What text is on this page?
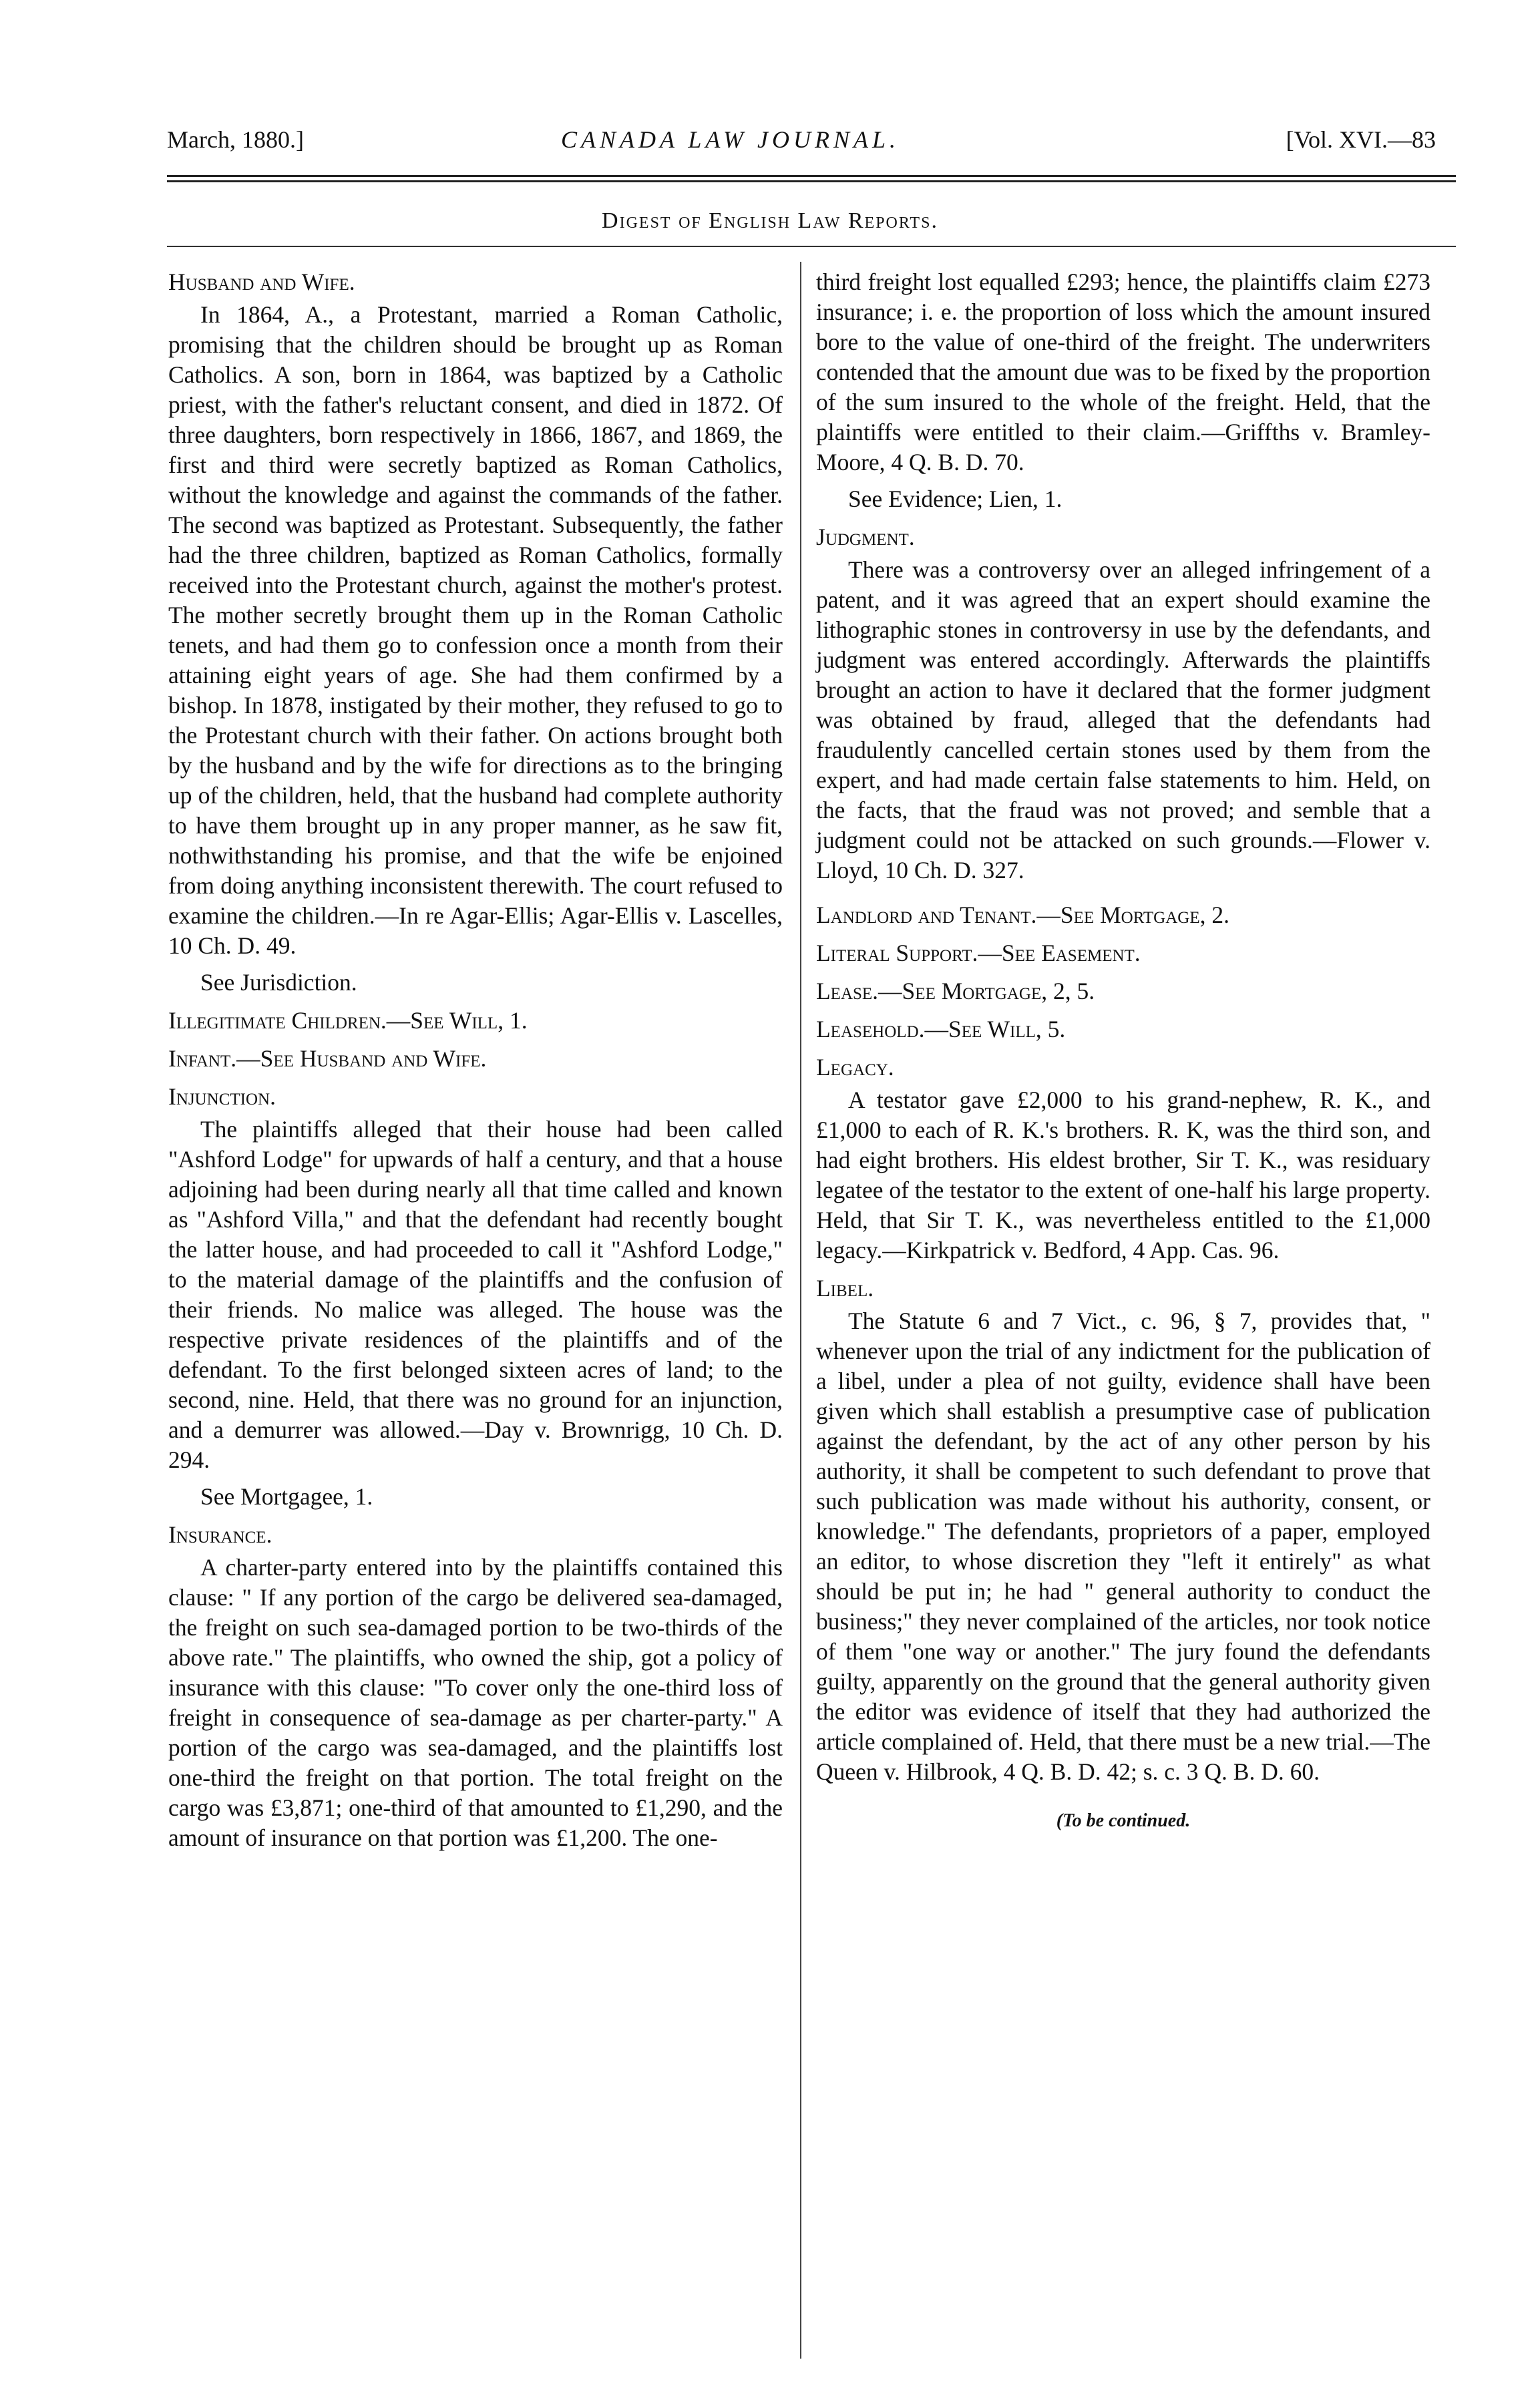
March, 1880.]	CANADA LAW JOURNAL.	[Vol. XVI.—83
Digest of English Law Reports.
Husband and Wife.

In 1864, A., a Protestant, married a Roman Catholic, promising that the children should be brought up as Roman Catholics. A son, born in 1864, was baptized by a Catholic priest, with the father's reluctant consent, and died in 1872. Of three daughters, born respectively in 1866, 1867, and 1869, the first and third were secretly baptized as Roman Catholics, without the knowledge and against the commands of the father. The second was baptized as Protestant. Subsequently, the father had the three children, baptized as Roman Catholics, formally received into the Protestant church, against the mother's protest. The mother secretly brought them up in the Roman Catholic tenets, and had them go to confession once a month from their attaining eight years of age. She had them confirmed by a bishop. In 1878, instigated by their mother, they refused to go to the Protestant church with their father. On actions brought both by the husband and by the wife for directions as to the bringing up of the children, held, that the husband had complete authority to have them brought up in any proper manner, as he saw fit, nothwithstanding his promise, and that the wife be enjoined from doing anything inconsistent therewith. The court refused to examine the children.—In re Agar-Ellis; Agar-Ellis v. Lascelles, 10 Ch. D. 49.

See Jurisdiction.
Illegitimate Children.—See Will, 1.
Infant.—See Husband and Wife.
Injunction.

The plaintiffs alleged that their house had been called "Ashford Lodge" for upwards of half a century, and that a house adjoining had been during nearly all that time called and known as "Ashford Villa," and that the defendant had recently bought the latter house, and had proceeded to call it "Ashford Lodge," to the material damage of the plaintiffs and the confusion of their friends. No malice was alleged. The house was the respective private residences of the plaintiffs and of the defendant. To the first belonged sixteen acres of land; to the second, nine. Held, that there was no ground for an injunction, and a demurrer was allowed.—Day v. Brownrigg, 10 Ch. D. 294.

See Mortgagee, 1.
Insurance.

A charter-party entered into by the plaintiffs contained this clause: " If any portion of the cargo be delivered sea-damaged, the freight on such sea-damaged portion to be two-thirds of the above rate." The plaintiffs, who owned the ship, got a policy of insurance with this clause: "To cover only the one-third loss of freight in consequence of sea-damage as per charter-party." A portion of the cargo was sea-damaged, and the plaintiffs lost one-third the freight on that portion. The total freight on the cargo was £3,871; one-third of that amounted to £1,290, and the amount of insurance on that portion was £1,200. The one-

third freight lost equalled £293; hence, the plaintiffs claim £273 insurance; i. e. the proportion of loss which the amount insured bore to the value of one-third of the freight. The underwriters contended that the amount due was to be fixed by the proportion of the sum insured to the whole of the freight. Held, that the plaintiffs were entitled to their claim.—Griffths v. Bramley-Moore, 4 Q. B. D. 70.

See Evidence; Lien, 1.
Judgment.

There was a controversy over an alleged infringement of a patent, and it was agreed that an expert should examine the lithographic stones in controversy in use by the defendants, and judgment was entered accordingly. Afterwards the plaintiffs brought an action to have it declared that the former judgment was obtained by fraud, alleged that the defendants had fraudulently cancelled certain stones used by them from the expert, and had made certain false statements to him. Held, on the facts, that the fraud was not proved; and semble that a judgment could not be attacked on such grounds.—Flower v. Lloyd, 10 Ch. D. 327.

Landlord and Tenant.—See Mortgage, 2.
Literal Support.—See Easement.
Lease.—See Mortgage, 2, 5.
Leasehold.—See Will, 5.
Legacy.

A testator gave £2,000 to his grand-nephew, R. K., and £1,000 to each of R. K.'s brothers. R. K, was the third son, and had eight brothers. His eldest brother, Sir T. K., was residuary legatee of the testator to the extent of one-half his large property. Held, that Sir T. K., was nevertheless entitled to the £1,000 legacy.—Kirkpatrick v. Bedford, 4 App. Cas. 96.

Libel.

The Statute 6 and 7 Vict., c. 96, § 7, provides that, " whenever upon the trial of any indictment for the publication of a libel, under a plea of not guilty, evidence shall have been given which shall establish a presumptive case of publication against the defendant, by the act of any other person by his authority, it shall be competent to such defendant to prove that such publication was made without his authority, consent, or knowledge." The defendants, proprietors of a paper, employed an editor, to whose discretion they "left it entirely" as what should be put in; he had " general authority to conduct the business;" they never complained of the articles, nor took notice of them "one way or another." The jury found the defendants guilty, apparently on the ground that the general authority given the editor was evidence of itself that they had authorized the article complained of. Held, that there must be a new trial.—The Queen v. Hilbrook, 4 Q. B. D. 42; s. c. 3 Q. B. D. 60.

(To be continued.
